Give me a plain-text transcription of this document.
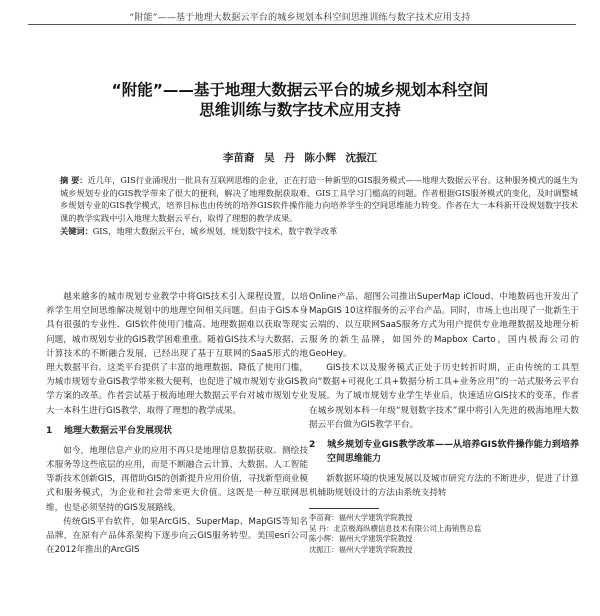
“附能”——基于地理大数据云平台的城乡规划本科空间思维训练与数字技术应用支持
“附能”——基于地理大数据云平台的城乡规划本科空间
思维训练与数字技术应用支持
李苗裔 吴 丹 陈小辉 沈振江
摘 要：近几年，GIS行业涌现出一批具有互联网思维的企业，正在打造一种新型的GIS服务模式——地理大数据云平台。这种服务模式的诞生为城乡规划专业的GIS教学带来了很大的便利，解决了地理数据获取难、GIS工具学习门槛高的问题。作者根据GIS服务模式的变化，及时调整城乡规划专业的GIS教学模式，培养目标也由传统的培养GIS软件操作能力向培养学生的空间思维能力转变。作者在大一本科新开设规划数字技术课的教学实践中引入地理大数据云平台，取得了理想的教学成果。
关键词：GIS，地理大数据云平台，城乡规划，规划数字技术，数字教学改革

越来越多的城市规划专业教学中将GIS技术引入课程设置，以培养学生用空间思维解决规划中的地理空间相关问题。但由于GIS本身具有很强的专业性、GIS软件使用门槛高、地理数据难以获取等现实问题，城市规划专业的GIS教学困难重重。随着GIS技术与大数据、云计算技术的不断融合发展，已经出现了基于互联网的SaaS形式的地理大数据平台。这类平台提供了丰富的地理数据、降低了使用门槛，为城市规划专业GIS教学带来极大便利，也促进了城市规划专业GIS教学方案的改革。作者尝试基于极海地理大数据云平台对城市规划专业大一本科生进行GIS教学，取得了理想的教学成果。

1 地理大数据云平台发展现状

如今，地理信息产业的应用不再只是地理信息数据获取、测绘技术服务等这些底层的应用，而是不断融合云计算、大数据、人工智能等新技术创新GIS，再借助GIS的创新提升应用价值，寻找新型商业模式和服务模式，为企业和社会带来更大价值。这既是一种互联网思维，也是必须坚持的GIS发展路线。

传统GIS平台软件，如果ArcGIS、SuperMap、MapGIS等知名品牌，在原有产品体系架构下逐步向云GIS服务转型。美国esri公司在2012年推出的ArcGIS

Online产品、超图公司推出SuperMap iCloud、中地数码也开发出了MapGIS 10这样服务的云平台产品。同时，市场上也出现了一批新生于云端的、以互联网SaaS服务方式为用户提供专业地理数据及地理分析服务的新生品牌，如国外的Mapbox Carto，国内极海公司的GeoHey。

GIS技术以及服务模式正处于历史转折时期，正由传统的工具型向“数据+可视化工具+数据分析工具+业务应用”的一站式服务云平台发展。为了城市规划专业学生毕业后，快速适应GIS技术的变革，作者在城乡规划本科一年级“规划数字技术”课中将引入先进的极海地理大数据云平台做为GIS教学平台。

2 城乡规划专业GIS教学改革——从培养GIS软件操作能力到培养空间思维能力

新数据环境的快速发展以及城市研究方法的不断进步，促进了计算机辅助规划设计的方法由系统支持转

李苗裔：福州大学建筑学院教授
吴 丹：北京极海纵横信息技术有限公司上海销售总监
陈小辉：福州大学建筑学院教授
沈振江：福州大学建筑学院教授
